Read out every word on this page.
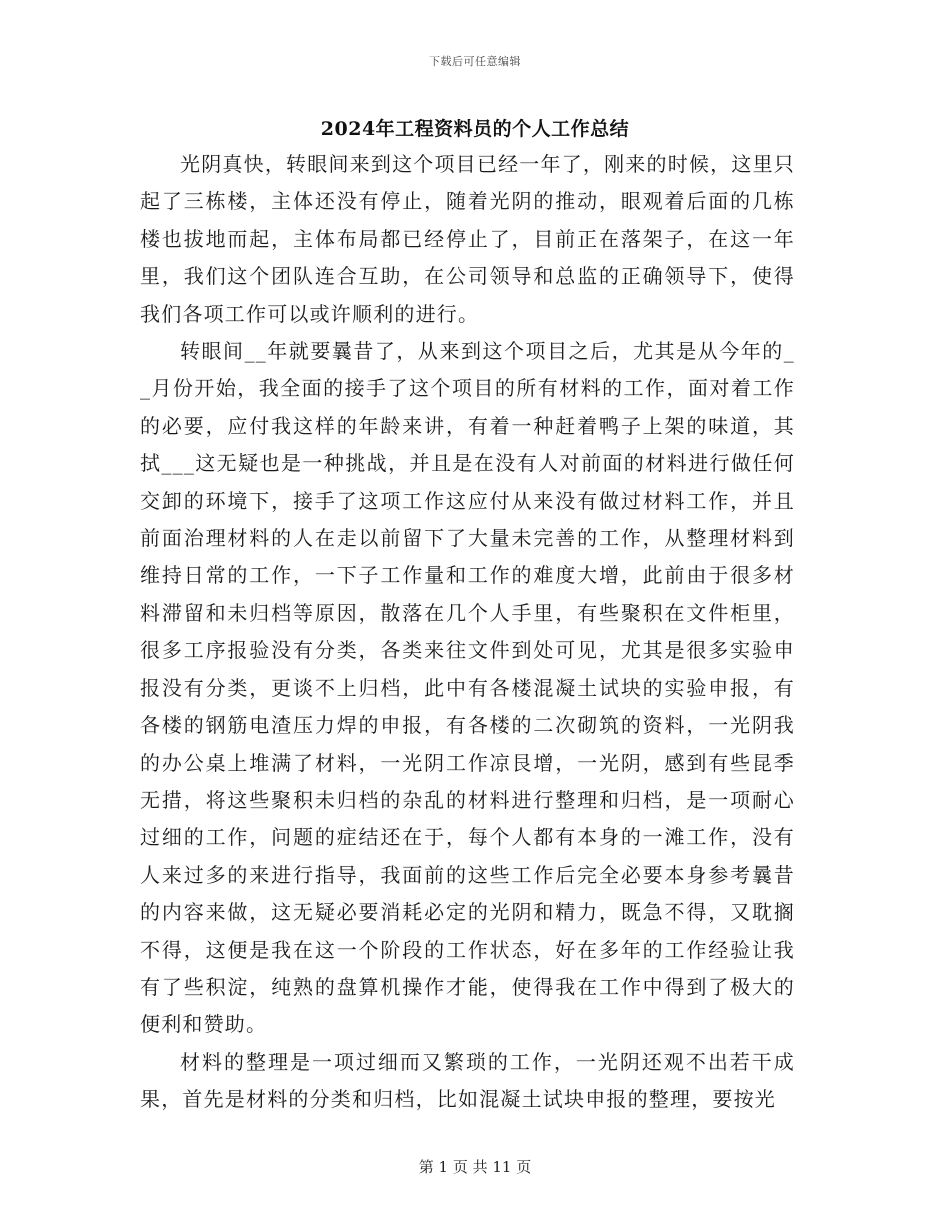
下载后可任意编辑
2024年工程资料员的个人工作总结

光阴真快，转眼间来到这个项目已经一年了，刚来的时候，这里只起了三栋楼，主体还没有停止，随着光阴的推动，眼观着后面的几栋楼也拔地而起，主体布局都已经停止了，目前正在落架子，在这一年里，我们这个团队连合互助，在公司领导和总监的正确领导下，使得我们各项工作可以或许顺利的进行。

转眼间__年就要曩昔了，从来到这个项目之后，尤其是从今年的__月份开始，我全面的接手了这个项目的所有材料的工作，面对着工作的必要，应付我这样的年龄来讲，有着一种赶着鸭子上架的味道，其拭___这无疑也是一种挑战，并且是在没有人对前面的材料进行做任何交卸的环境下，接手了这项工作这应付从来没有做过材料工作，并且前面治理材料的人在走以前留下了大量未完善的工作，从整理材料到维持日常的工作，一下子工作量和工作的难度大增，此前由于很多材料滞留和未归档等原因，散落在几个人手里，有些聚积在文件柜里，很多工序报验没有分类，各类来往文件到处可见，尤其是很多实验申报没有分类，更谈不上归档，此中有各楼混凝土试块的实验申报，有各楼的钢筋电渣压力焊的申报，有各楼的二次砌筑的资料，一光阴我的办公桌上堆满了材料，一光阴工作凉艮增，一光阴，感到有些昆季无措，将这些聚积未归档的杂乱的材料进行整理和归档，是一项耐心过细的工作，问题的症结还在于，每个人都有本身的一滩工作，没有人来过多的来进行指导，我面前的这些工作后完全必要本身参考曩昔的内容来做，这无疑必要消耗必定的光阴和精力，既急不得，又耽搁不得，这便是我在这一个阶段的工作状态，好在多年的工作经验让我有了些积淀，纯熟的盘算机操作才能，使得我在工作中得到了极大的便利和赞助。

材料的整理是一项过细而又繁琐的工作，一光阴还观不出若干成果，首先是材料的分类和归档，比如混凝土试块申报的整理，要按光

第 1 页 共 11 页
